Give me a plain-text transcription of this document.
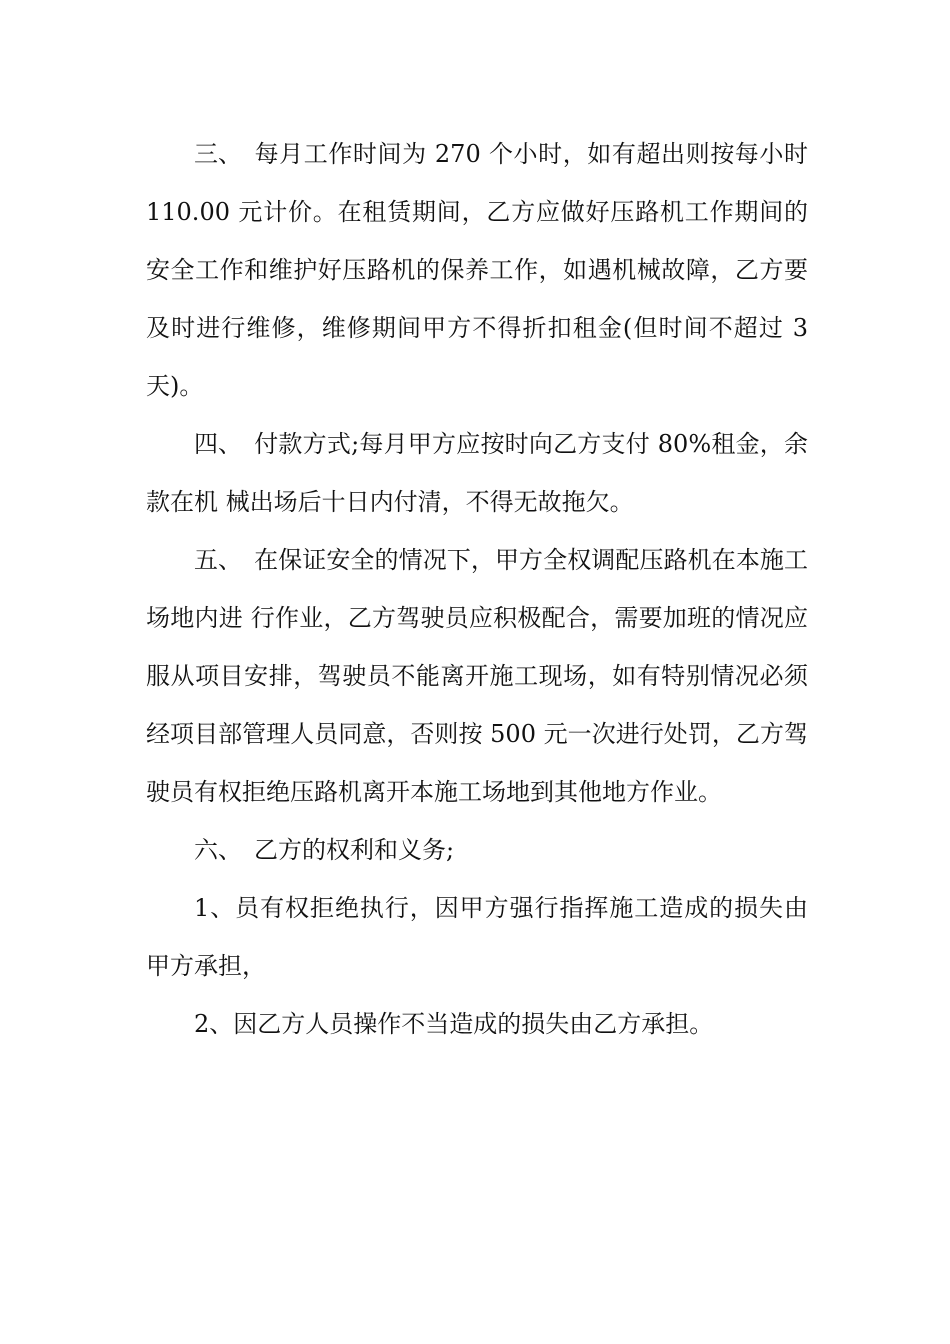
三、 每月工作时间为 270 个小时，如有超出则按每小时 110.00 元计价。在租赁期间，乙方应做好压路机工作期间的安全工作和维护好压路机的保养工作，如遇机械故障，乙方要及时进行维修，维修期间甲方不得折扣租金(但时间不超过 3 天)。

四、 付款方式;每月甲方应按时向乙方支付 80%租金，余款在机 械出场后十日内付清，不得无故拖欠。

五、 在保证安全的情况下，甲方全权调配压路机在本施工场地内进 行作业，乙方驾驶员应积极配合，需要加班的情况应服从项目安排，驾驶员不能离开施工现场，如有特别情况必须经项目部管理人员同意，否则按 500 元一次进行处罚，乙方驾驶员有权拒绝压路机离开本施工场地到其他地方作业。

六、 乙方的权利和义务;

1、员有权拒绝执行，因甲方强行指挥施工造成的损失由甲方承担，

2、因乙方人员操作不当造成的损失由乙方承担。
